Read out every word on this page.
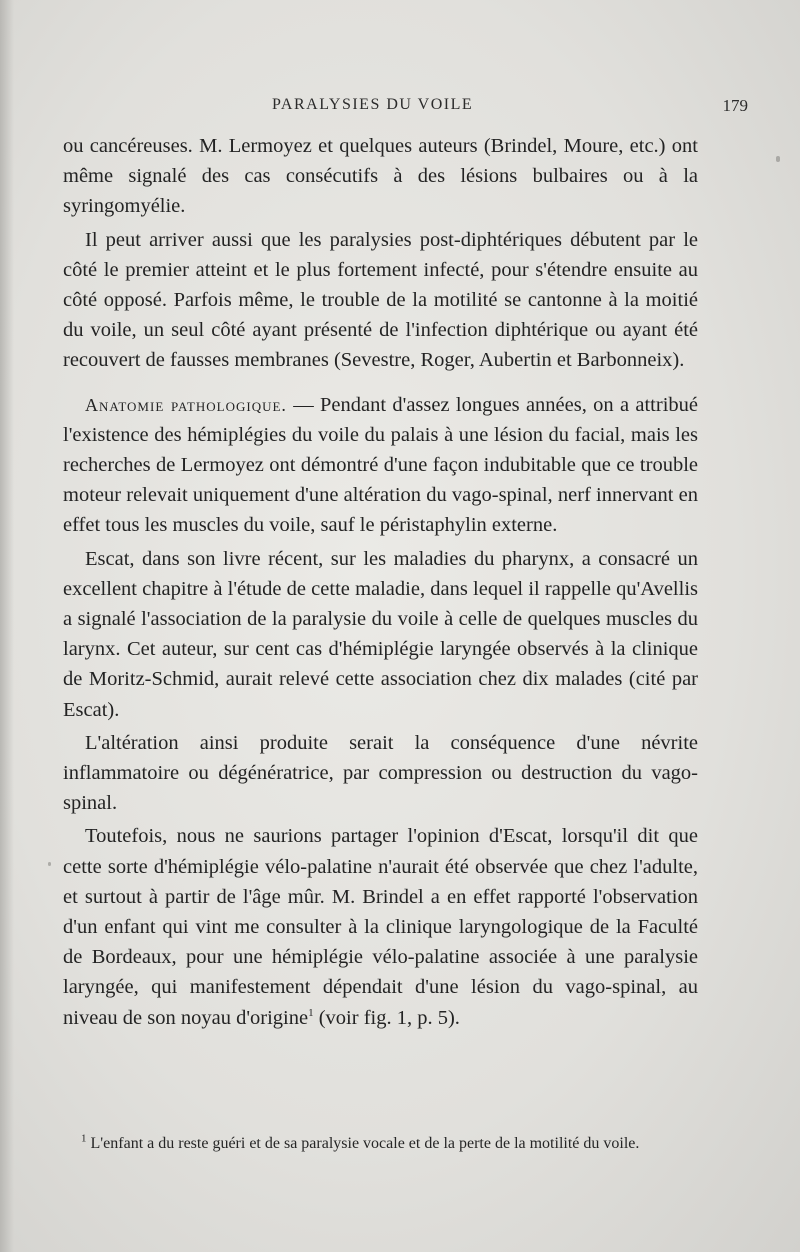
PARALYSIES DU VOILE	179

ou cancéreuses. M. Lermoyez et quelques auteurs (Brindel, Moure, etc.) ont même signalé des cas consécutifs à des lésions bulbaires ou à la syringomyélie.

Il peut arriver aussi que les paralysies post-diphtériques débutent par le côté le premier atteint et le plus fortement infecté, pour s'étendre ensuite au côté opposé. Parfois même, le trouble de la motilité se cantonne à la moitié du voile, un seul côté ayant présenté de l'infection diphtérique ou ayant été recouvert de fausses membranes (Sevestre, Roger, Aubertin et Barbonneix).

Anatomie pathologique. — Pendant d'assez longues années, on a attribué l'existence des hémiplégies du voile du palais à une lésion du facial, mais les recherches de Lermoyez ont démontré d'une façon indubitable que ce trouble moteur relevait uniquement d'une altération du vago-spinal, nerf innervant en effet tous les muscles du voile, sauf le péristaphylin externe.

Escat, dans son livre récent, sur les maladies du pharynx, a consacré un excellent chapitre à l'étude de cette maladie, dans lequel il rappelle qu'Avellis a signalé l'association de la paralysie du voile à celle de quelques muscles du larynx. Cet auteur, sur cent cas d'hémiplégie laryngée observés à la clinique de Moritz-Schmid, aurait relevé cette association chez dix malades (cité par Escat).

L'altération ainsi produite serait la conséquence d'une névrite inflammatoire ou dégénératrice, par compression ou destruction du vago-spinal.

Toutefois, nous ne saurions partager l'opinion d'Escat, lorsqu'il dit que cette sorte d'hémiplégie vélo-palatine n'aurait été observée que chez l'adulte, et surtout à partir de l'âge mûr. M. Brindel a en effet rapporté l'observation d'un enfant qui vint me consulter à la clinique laryngologique de la Faculté de Bordeaux, pour une hémiplégie vélo-palatine associée à une paralysie laryngée, qui manifestement dépendait d'une lésion du vago-spinal, au niveau de son noyau d'origine$^1$ (voir fig. 1, p. 5).

$^1$ L'enfant a du reste guéri et de sa paralysie vocale et de la perte de la motilité du voile.
